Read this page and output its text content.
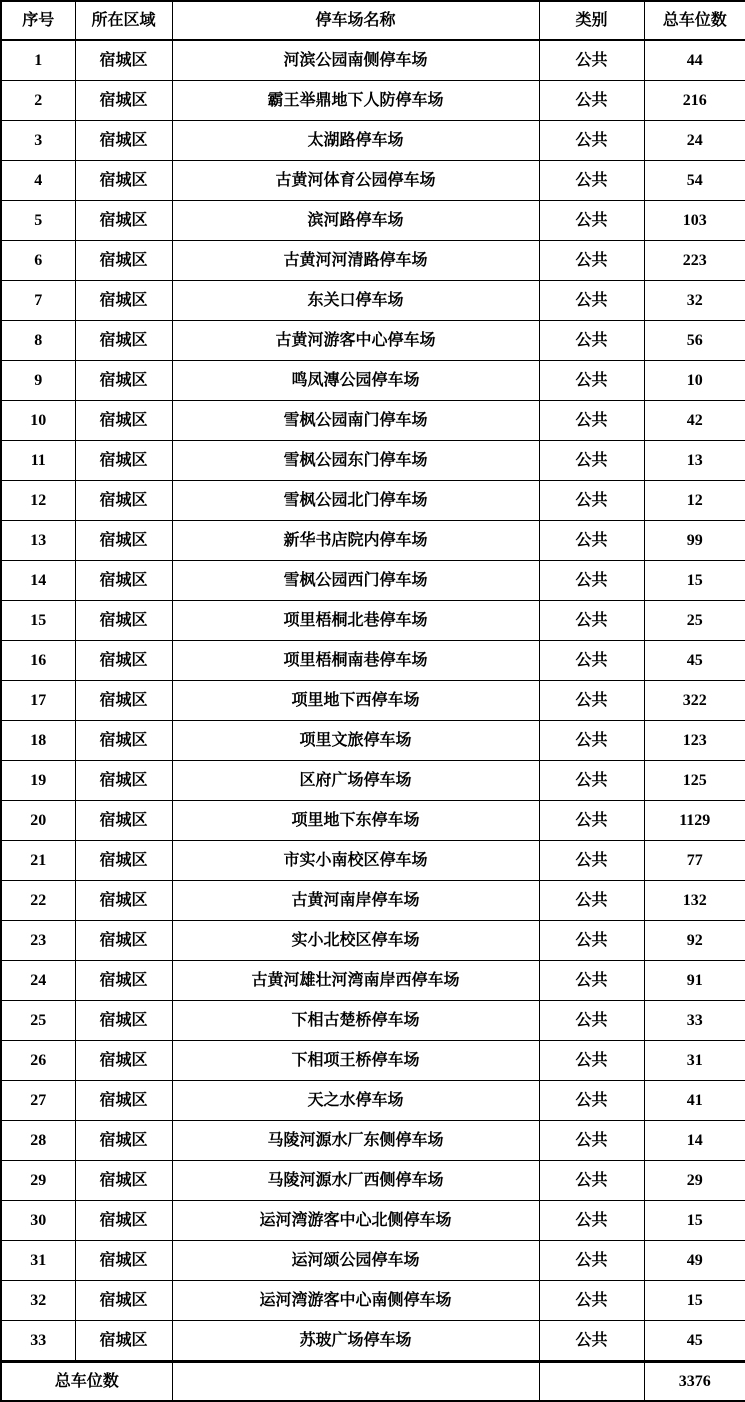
序号	所在区域	停车场名称	类别	总车位数
1	宿城区	河滨公园南侧停车场	公共	44
2	宿城区	霸王举鼎地下人防停车场	公共	216
3	宿城区	太湖路停车场	公共	24
4	宿城区	古黄河体育公园停车场	公共	54
5	宿城区	滨河路停车场	公共	103
6	宿城区	古黄河河清路停车场	公共	223
7	宿城区	东关口停车场	公共	32
8	宿城区	古黄河游客中心停车场	公共	56
9	宿城区	鸣凤漙公园停车场	公共	10
10	宿城区	雪枫公园南门停车场	公共	42
11	宿城区	雪枫公园东门停车场	公共	13
12	宿城区	雪枫公园北门停车场	公共	12
13	宿城区	新华书店院内停车场	公共	99
14	宿城区	雪枫公园西门停车场	公共	15
15	宿城区	项里梧桐北巷停车场	公共	25
16	宿城区	项里梧桐南巷停车场	公共	45
17	宿城区	项里地下西停车场	公共	322
18	宿城区	项里文旅停车场	公共	123
19	宿城区	区府广场停车场	公共	125
20	宿城区	项里地下东停车场	公共	1129
21	宿城区	市实小南校区停车场	公共	77
22	宿城区	古黄河南岸停车场	公共	132
23	宿城区	实小北校区停车场	公共	92
24	宿城区	古黄河雄壮河湾南岸西停车场	公共	91
25	宿城区	下相古楚桥停车场	公共	33
26	宿城区	下相项王桥停车场	公共	31
27	宿城区	天之水停车场	公共	41
28	宿城区	马陵河源水厂东侧停车场	公共	14
29	宿城区	马陵河源水厂西侧停车场	公共	29
30	宿城区	运河湾游客中心北侧停车场	公共	15
31	宿城区	运河颂公园停车场	公共	49
32	宿城区	运河湾游客中心南侧停车场	公共	15
33	宿城区	苏玻广场停车场	公共	45
总车位数				3376
